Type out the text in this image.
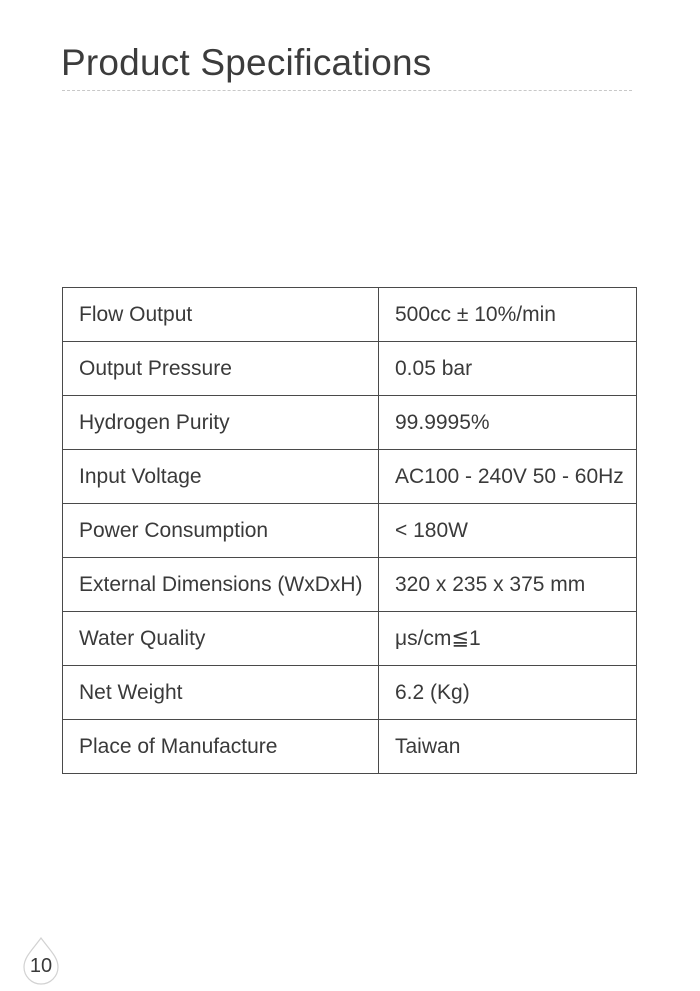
Product Specifications
Flow Output	500cc ± 10%/min
Output Pressure	0.05 bar
Hydrogen Purity	99.9995%
Input Voltage	AC100 - 240V 50 - 60Hz
Power Consumption	< 180W
External Dimensions (WxDxH)	320 x 235 x 375 mm
Water Quality	μs/cm≦1
Net Weight	6.2 (Kg)
Place of Manufacture	Taiwan
10
